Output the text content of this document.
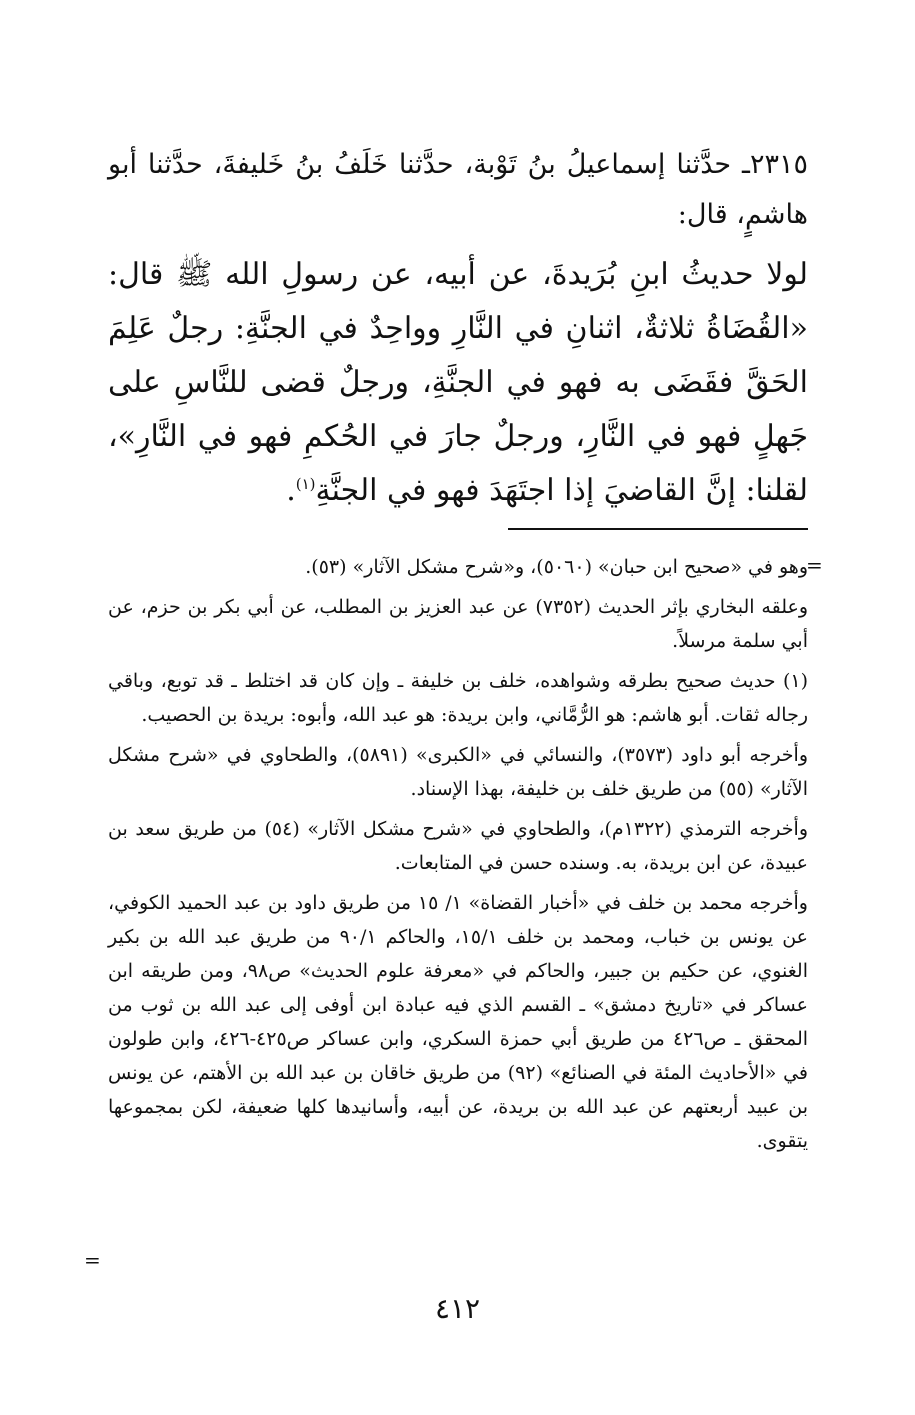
٢٣١٥ـ حدَّثنا إسماعيلُ بنُ تَوْبة، حدَّثنا خَلَفُ بنُ خَليفةَ، حدَّثنا أبو هاشمٍ، قال:

لولا حديثُ ابنِ بُرَيدةَ، عن أبيه، عن رسولِ الله ﷺ قال: «القُضَاةُ ثلاثةٌ، اثنانِ في النَّارِ وواحِدٌ في الجنَّةِ: رجلٌ عَلِمَ الحَقَّ فقَضَى به فهو في الجنَّةِ، ورجلٌ قضى للنَّاسِ على جَهلٍ فهو في النَّارِ، ورجلٌ جارَ في الحُكمِ فهو في النَّارِ»، لقلنا: إنَّ القاضيَ إذا اجتَهَدَ فهو في الجنَّةِ$^{(١)}$.

=

وهو في «صحيح ابن حبان» (٥٠٦٠)، و«شرح مشكل الآثار» (٥٣).

وعلقه البخاري بإثر الحديث (٧٣٥٢) عن عبد العزيز بن المطلب، عن أبي بكر بن حزم، عن أبي سلمة مرسلاً.

(١) حديث صحيح بطرقه وشواهده، خلف بن خليفة ـ وإن كان قد اختلط ـ قد توبع، وباقي رجاله ثقات. أبو هاشم: هو الرُّمَّاني، وابن بريدة: هو عبد الله، وأبوه: بريدة بن الحصيب.

وأخرجه أبو داود (٣٥٧٣)، والنسائي في «الكبرى» (٥٨٩١)، والطحاوي في «شرح مشكل الآثار» (٥٥) من طريق خلف بن خليفة، بهذا الإسناد.

وأخرجه الترمذي (١٣٢٢م)، والطحاوي في «شرح مشكل الآثار» (٥٤) من طريق سعد بن عبيدة، عن ابن بريدة، به. وسنده حسن في المتابعات.

وأخرجه محمد بن خلف في «أخبار القضاة» ١/ ١٥ من طريق داود بن عبد الحميد الكوفي، عن يونس بن خباب، ومحمد بن خلف ١٥/١، والحاكم ٩٠/١ من طريق عبد الله بن بكير الغنوي، عن حكيم بن جبير، والحاكم في «معرفة علوم الحديث» ص٩٨، ومن طريقه ابن عساكر في «تاريخ دمشق» ـ القسم الذي فيه عبادة ابن أوفى إلى عبد الله بن ثوب من المحقق ـ ص٤٢٦ من طريق أبي حمزة السكري، وابن عساكر ص٤٢٥-٤٢٦، وابن طولون في «الأحاديث المئة في الصنائع» (٩٢) من طريق خاقان بن عبد الله بن الأهتم، عن يونس بن عبيد أربعتهم عن عبد الله بن بريدة، عن أبيه، وأسانيدها كلها ضعيفة، لكن بمجموعها يتقوى.

=
٤١٢
